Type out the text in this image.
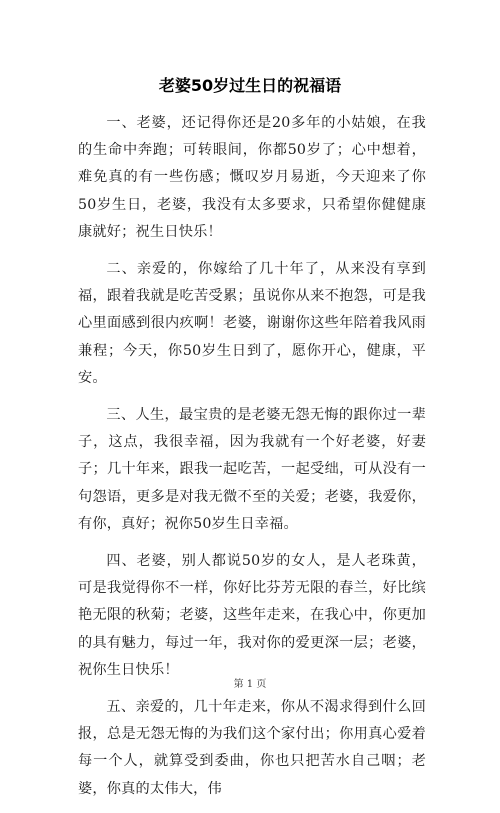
老婆50岁过生日的祝福语

一、老婆，还记得你还是20多年的小姑娘，在我的生命中奔跑；可转眼间，你都50岁了；心中想着，难免真的有一些伤感；慨叹岁月易逝，今天迎来了你50岁生日，老婆，我没有太多要求，只希望你健健康康就好；祝生日快乐！

二、亲爱的，你嫁给了几十年了，从来没有享到福，跟着我就是吃苦受累；虽说你从来不抱怨，可是我心里面感到很内疚啊！老婆，谢谢你这些年陪着我风雨兼程；今天，你50岁生日到了，愿你开心，健康，平安。

三、人生，最宝贵的是老婆无怨无悔的跟你过一辈子，这点，我很幸福，因为我就有一个好老婆，好妻子；几十年来，跟我一起吃苦，一起受绌，可从没有一句怨语，更多是对我无微不至的关爱；老婆，我爱你，有你，真好；祝你50岁生日幸福。

四、老婆，别人都说50岁的女人，是人老珠黄，可是我觉得你不一样，你好比芬芳无限的春兰，好比缤艳无限的秋菊；老婆，这些年走来，在我心中，你更加的具有魅力，每过一年，我对你的爱更深一层；老婆，祝你生日快乐！

五、亲爱的，几十年走来，你从不渴求得到什么回报，总是无怨无悔的为我们这个家付出；你用真心爱着每一个人，就算受到委曲，你也只把苦水自己咽；老婆，你真的太伟大，伟

第 1 页
